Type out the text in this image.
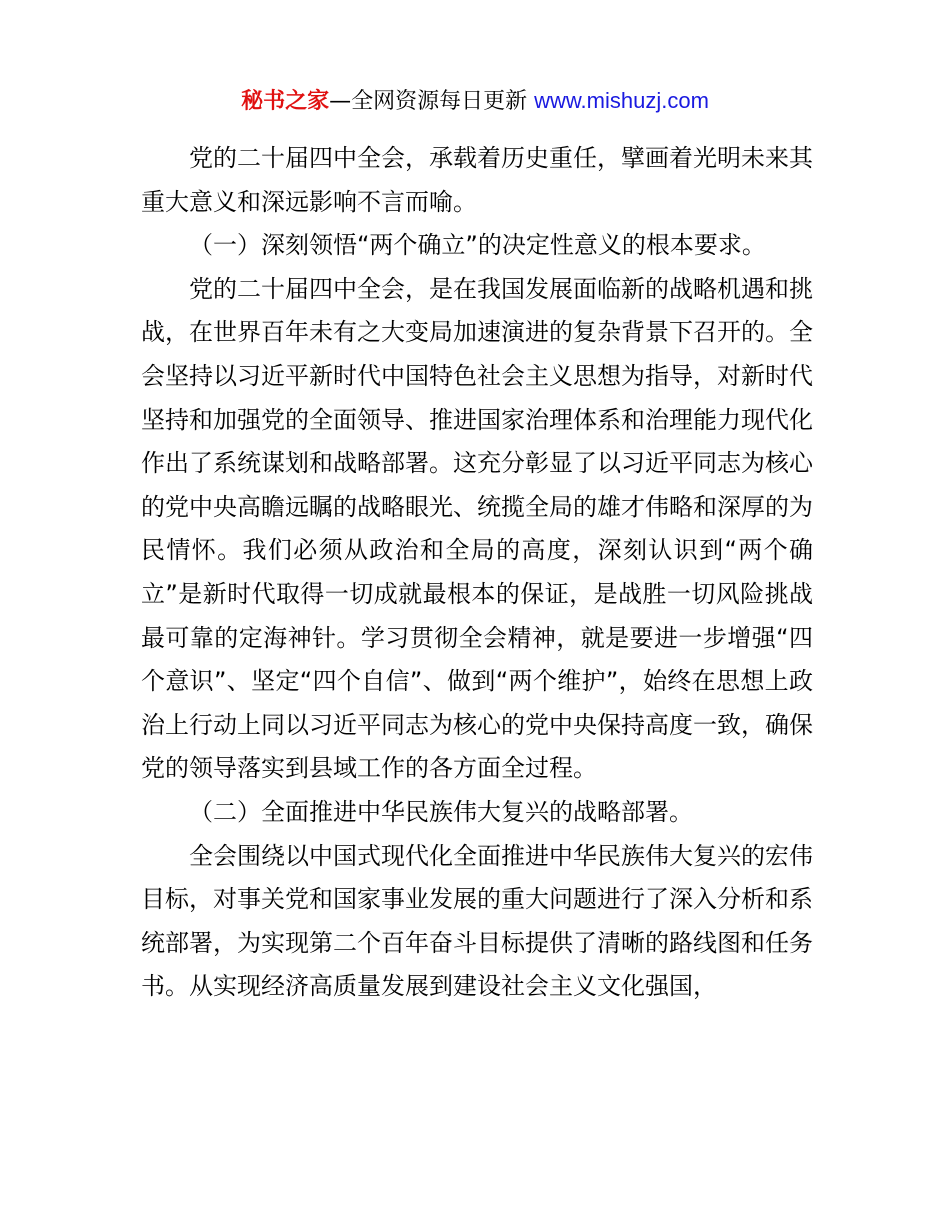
秘书之家—全网资源每日更新 www.mishuzj.com

党的二十届四中全会，承载着历史重任，擘画着光明未来其重大意义和深远影响不言而喻。

（一）深刻领悟“两个确立”的决定性意义的根本要求。

党的二十届四中全会，是在我国发展面临新的战略机遇和挑战，在世界百年未有之大变局加速演进的复杂背景下召开的。全会坚持以习近平新时代中国特色社会主义思想为指导，对新时代坚持和加强党的全面领导、推进国家治理体系和治理能力现代化作出了系统谋划和战略部署。这充分彰显了以习近平同志为核心的党中央高瞻远瞩的战略眼光、统揽全局的雄才伟略和深厚的为民情怀。我们必须从政治和全局的高度，深刻认识到“两个确立”是新时代取得一切成就最根本的保证，是战胜一切风险挑战最可靠的定海神针。学习贯彻全会精神，就是要进一步增强“四个意识”、坚定“四个自信”、做到“两个维护”，始终在思想上政治上行动上同以习近平同志为核心的党中央保持高度一致，确保党的领导落实到县域工作的各方面全过程。

（二）全面推进中华民族伟大复兴的战略部署。

全会围绕以中国式现代化全面推进中华民族伟大复兴的宏伟目标，对事关党和国家事业发展的重大问题进行了深入分析和系统部署，为实现第二个百年奋斗目标提供了清晰的路线图和任务书。从实现经济高质量发展到建设社会主义文化强国，
